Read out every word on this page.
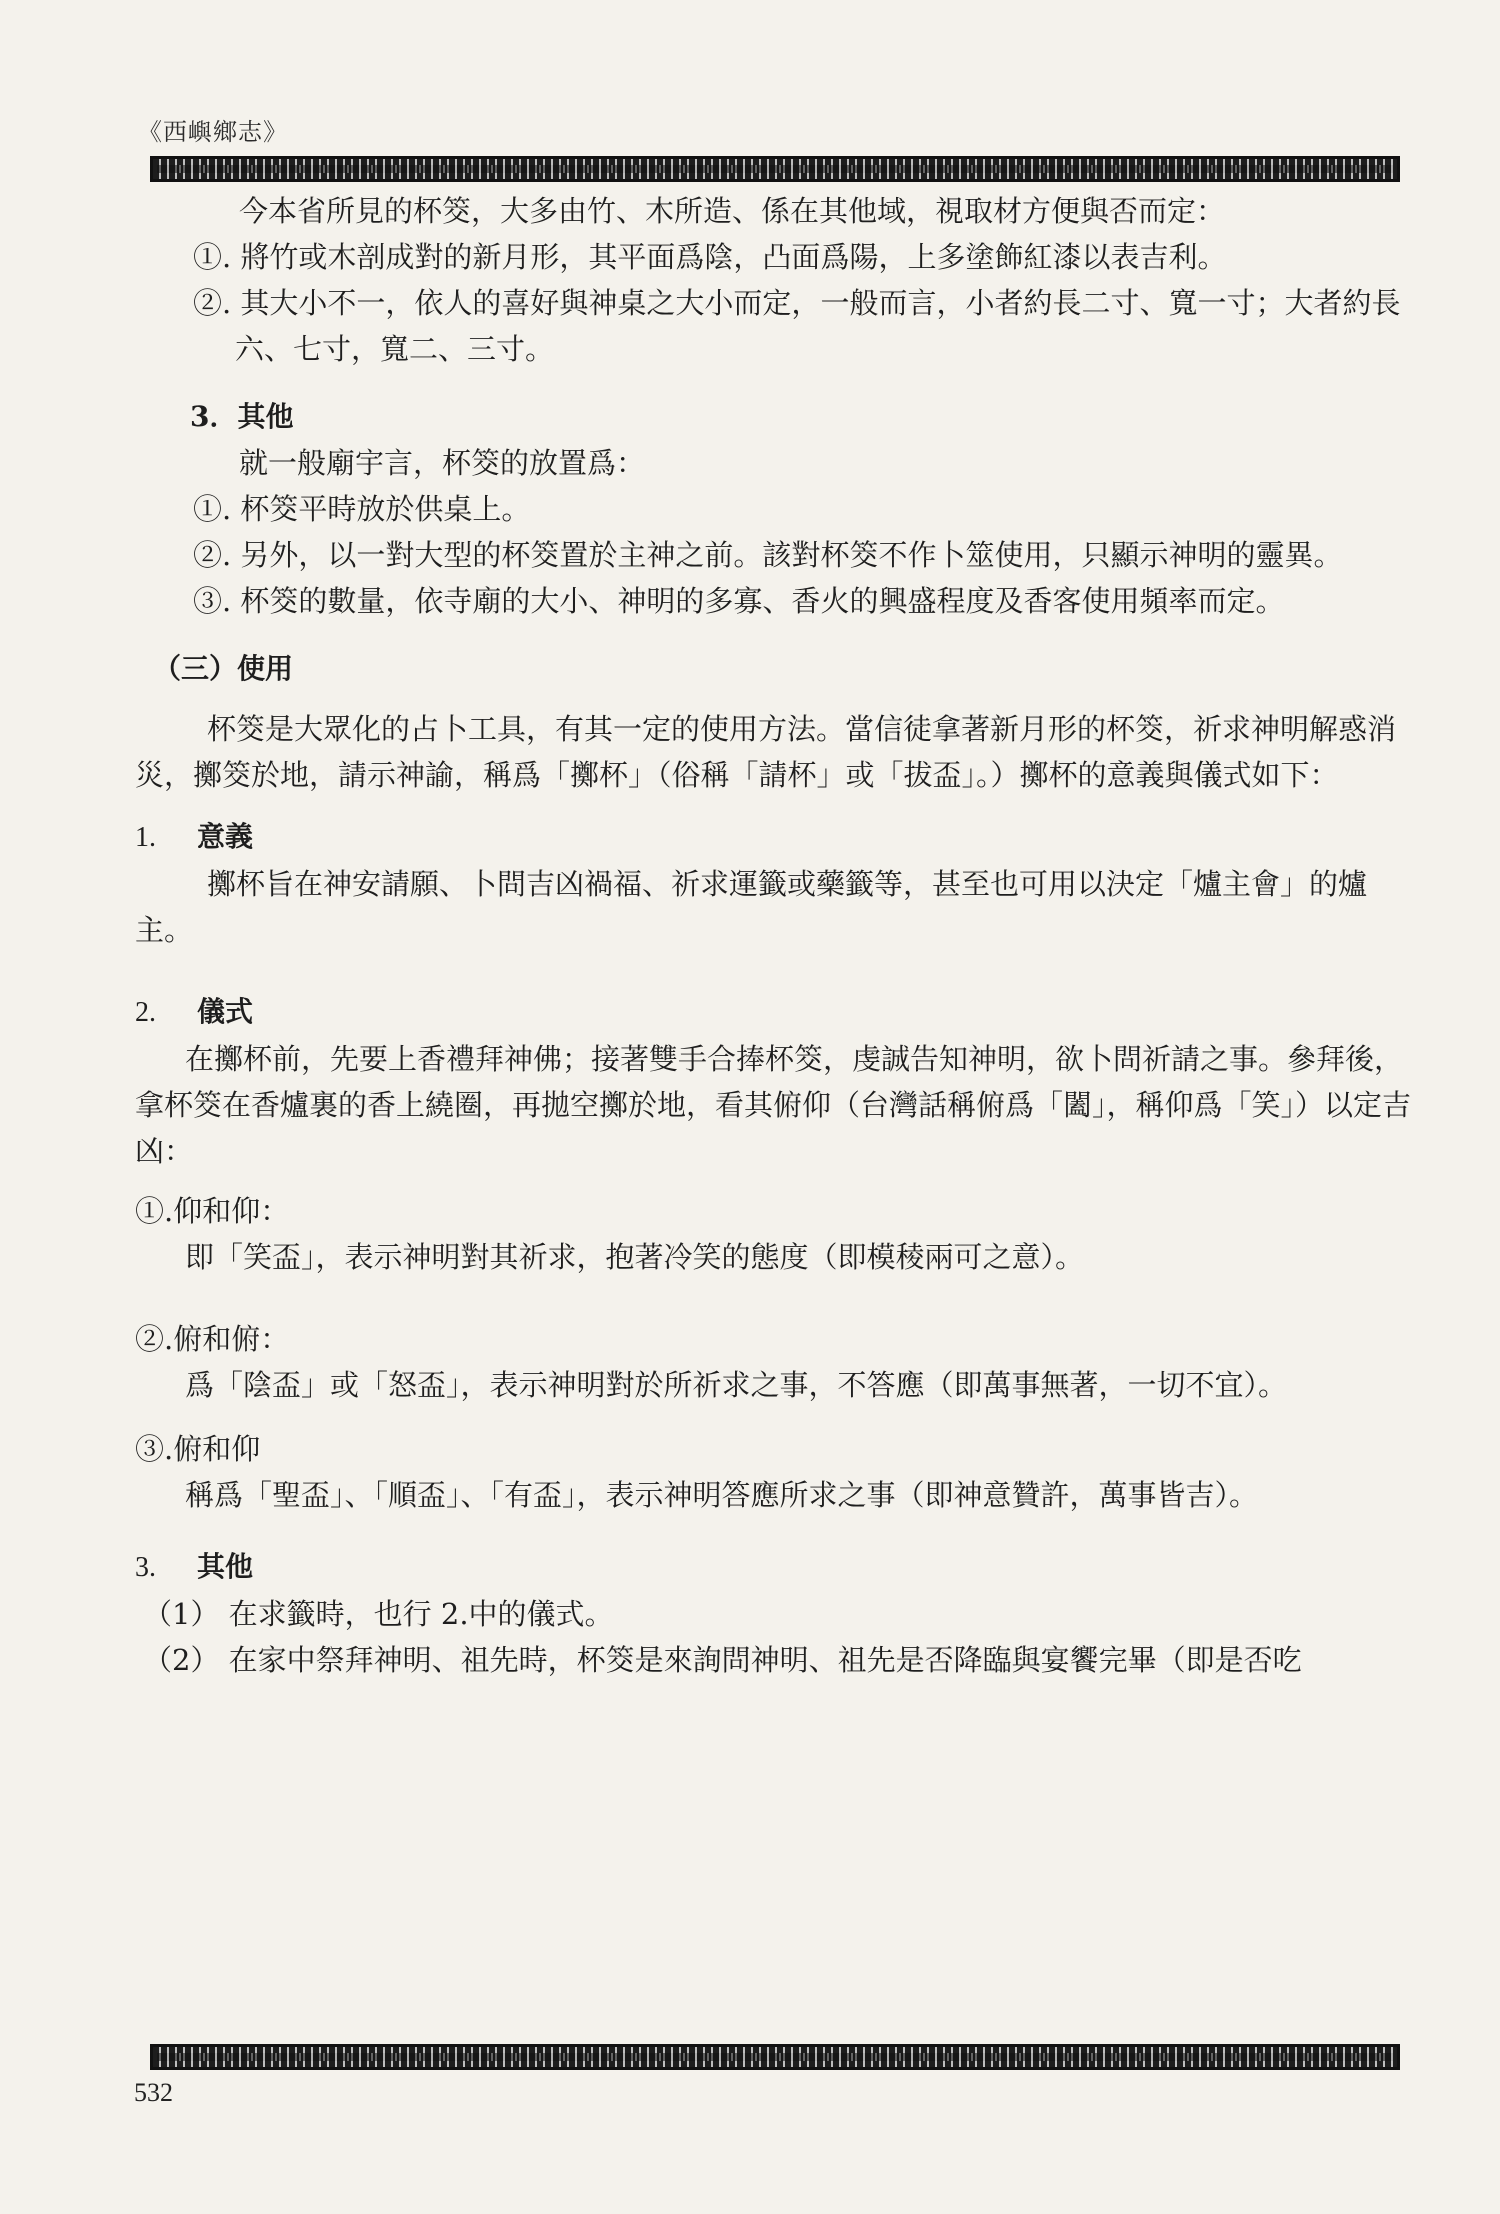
《西嶼鄉志》

今本省所見的杯筊，大多由竹、木所造、係在其他域，視取材方便與否而定：

①. 將竹或木剖成對的新月形，其平面爲陰，凸面爲陽，上多塗飾紅漆以表吉利。

②. 其大小不一，依人的喜好與神桌之大小而定，一般而言，小者約長二寸、寬一寸；大者約長六、七寸，寬二、三寸。

3．其他

就一般廟宇言，杯筊的放置爲：

①. 杯筊平時放於供桌上。

②. 另外，以一對大型的杯筊置於主神之前。該對杯筊不作卜筮使用，只顯示神明的靈異。

③. 杯筊的數量，依寺廟的大小、神明的多寡、香火的興盛程度及香客使用頻率而定。

（三）使用

杯筊是大眾化的占卜工具，有其一定的使用方法。當信徒拿著新月形的杯筊，祈求神明解惑消災，擲筊於地，請示神諭，稱爲「擲杯」（俗稱「請杯」或「拔盃」。）擲杯的意義與儀式如下：

1. 意義

擲杯旨在神安請願、卜問吉凶禍福、祈求運籤或藥籤等，甚至也可用以決定「爐主會」的爐主。

2. 儀式

在擲杯前，先要上香禮拜神佛；接著雙手合捧杯筊，虔誠告知神明，欲卜問祈請之事。參拜後，拿杯筊在香爐裏的香上繞圈，再拋空擲於地，看其俯仰（台灣話稱俯爲「闔」，稱仰爲「笑」）以定吉凶：

①.仰和仰：

即「笑盃」，表示神明對其祈求，抱著冷笑的態度（即模稜兩可之意）。

②.俯和俯：

爲「陰盃」或「怒盃」，表示神明對於所祈求之事，不答應（即萬事無著，一切不宜）。

③.俯和仰

稱爲「聖盃」、「順盃」、「有盃」，表示神明答應所求之事（即神意贊許，萬事皆吉）。

3. 其他

（1） 在求籤時，也行 2.中的儀式。

（2） 在家中祭拜神明、祖先時，杯筊是來詢問神明、祖先是否降臨與宴饗完畢（即是否吃

532
